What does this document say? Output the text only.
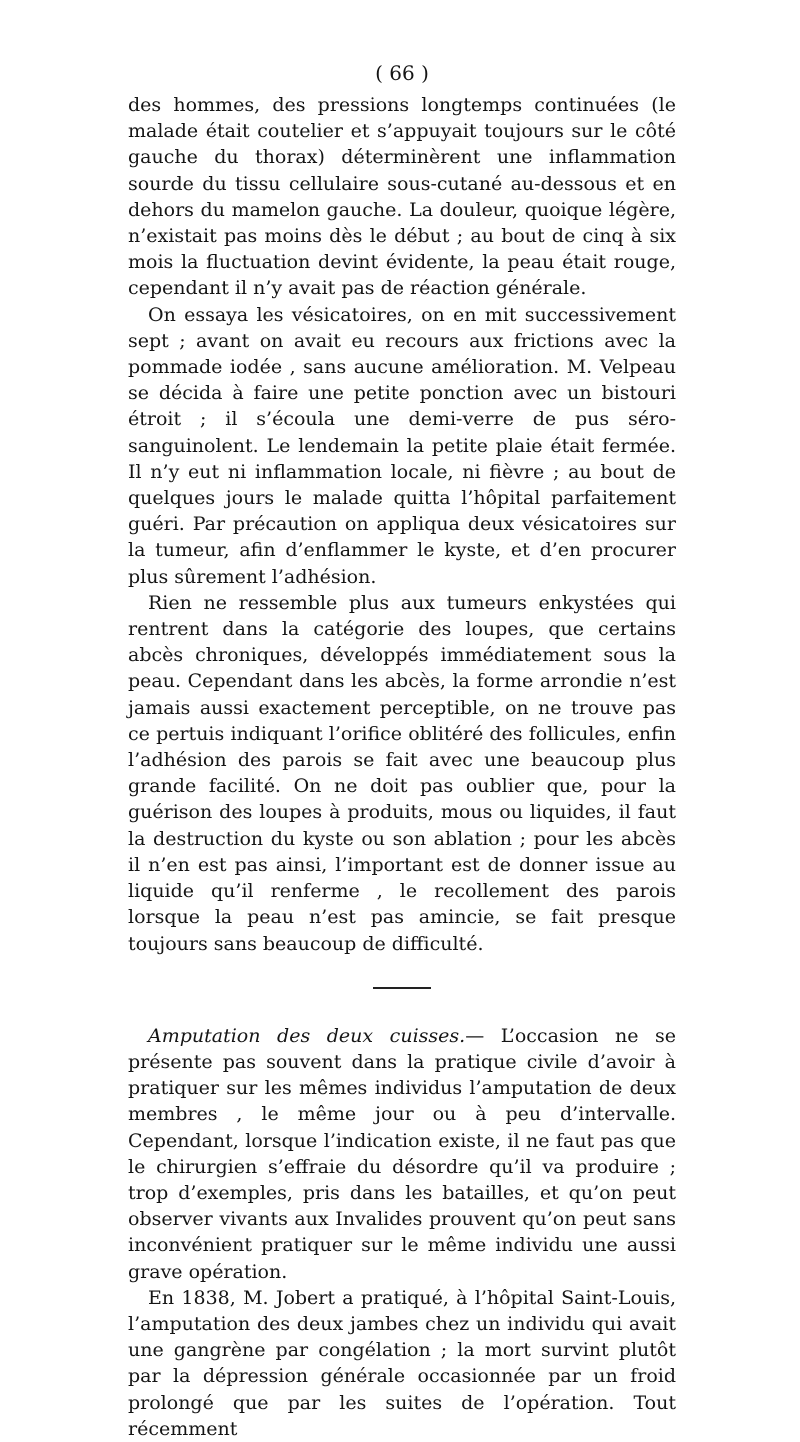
( 66 )

des hommes, des pressions longtemps continuées (le malade était coutelier et s’appuyait toujours sur le côté gauche du thorax) déterminèrent une inflammation sourde du tissu cellulaire sous-cutané au-dessous et en dehors du mamelon gauche. La douleur, quoique légère, n’existait pas moins dès le début ; au bout de cinq à six mois la fluctuation devint évidente, la peau était rouge, cependant il n’y avait pas de réaction générale.

On essaya les vésicatoires, on en mit successivement sept ; avant on avait eu recours aux frictions avec la pommade iodée , sans aucune amélioration. M. Velpeau se décida à faire une petite ponction avec un bistouri étroit ; il s’écoula une demi-verre de pus séro-sanguinolent. Le lendemain la petite plaie était fermée. Il n’y eut ni inflammation locale, ni fièvre ; au bout de quelques jours le malade quitta l’hôpital parfaitement guéri. Par précaution on appliqua deux vésicatoires sur la tumeur, afin d’enflammer le kyste, et d’en procurer plus sûrement l’adhésion.

Rien ne ressemble plus aux tumeurs enkystées qui rentrent dans la catégorie des loupes, que certains abcès chroniques, développés immédiatement sous la peau. Cependant dans les abcès, la forme arrondie n’est jamais aussi exactement perceptible, on ne trouve pas ce pertuis indiquant l’orifice oblitéré des follicules, enfin l’adhésion des parois se fait avec une beaucoup plus grande facilité. On ne doit pas oublier que, pour la guérison des loupes à produits, mous ou liquides, il faut la destruction du kyste ou son ablation ; pour les abcès il n’en est pas ainsi, l’important est de donner issue au liquide qu’il renferme , le recollement des parois lorsque la peau n’est pas amincie, se fait presque toujours sans beaucoup de difficulté.

Amputation des deux cuisses.— L’occasion ne se présente pas souvent dans la pratique civile d’avoir à pratiquer sur les mêmes individus l’amputation de deux membres , le même jour ou à peu d’intervalle. Cependant, lorsque l’indication existe, il ne faut pas que le chirurgien s’effraie du désordre qu’il va produire ; trop d’exemples, pris dans les batailles, et qu’on peut observer vivants aux Invalides prouvent qu’on peut sans inconvénient pratiquer sur le même individu une aussi grave opération.

En 1838, M. Jobert a pratiqué, à l’hôpital Saint-Louis, l’amputation des deux jambes chez un individu qui avait une gangrène par congélation ; la mort survint plutôt par la dépression générale occasionnée par un froid prolongé que par les suites de l’opération. Tout récemment
